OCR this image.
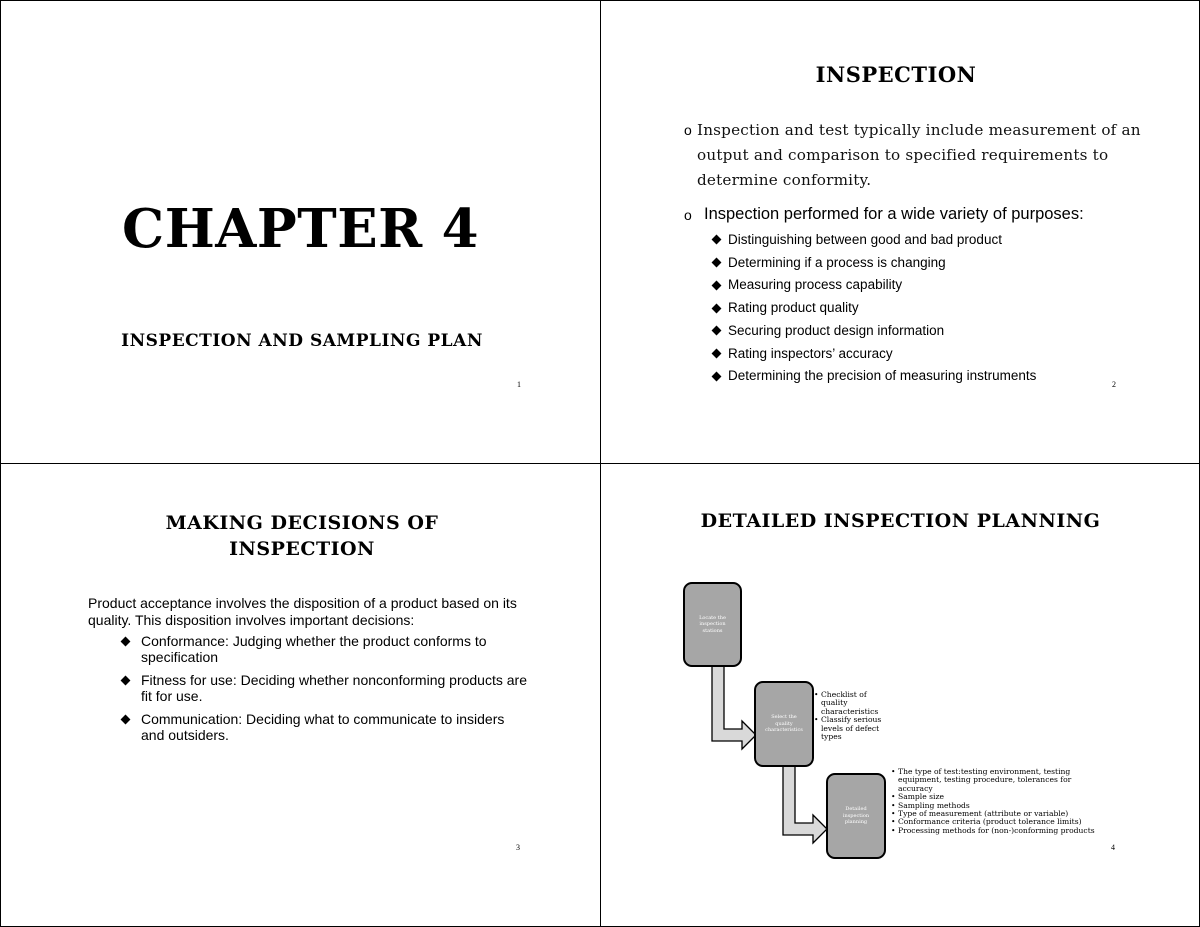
CHAPTER 4
INSPECTION AND SAMPLING PLAN
1
INSPECTION
o Inspection and test typically include measurement of an output and comparison to specified requirements to determine conformity.
o Inspection performed for a wide variety of purposes:
Distinguishing between good and bad product
Determining if a process is changing
Measuring process capability
Rating product quality
Securing product design information
Rating inspectors’ accuracy
Determining the precision of measuring instruments
2
MAKING DECISIONS OF
INSPECTION
Product acceptance involves the disposition of a product based on its quality. This disposition involves important decisions:
Conformance: Judging whether the product conforms to specification
Fitness for use: Deciding whether nonconforming products are fit for use.
Communication: Deciding what to communicate to insiders and outsiders.
3
DETAILED INSPECTION PLANNING
Locate the inspection stations
Select the quality characteristics
Detailed inspection planning
• Checklist of quality characteristics
• Classify serious levels of defect types
• The type of test:testing environment, testing equipment, testing procedure, tolerances for accuracy
• Sample size
• Sampling methods
• Type of measurement (attribute or variable)
• Conformance criteria (product tolerance limits)
• Processing methods for (non-)conforming products
4
